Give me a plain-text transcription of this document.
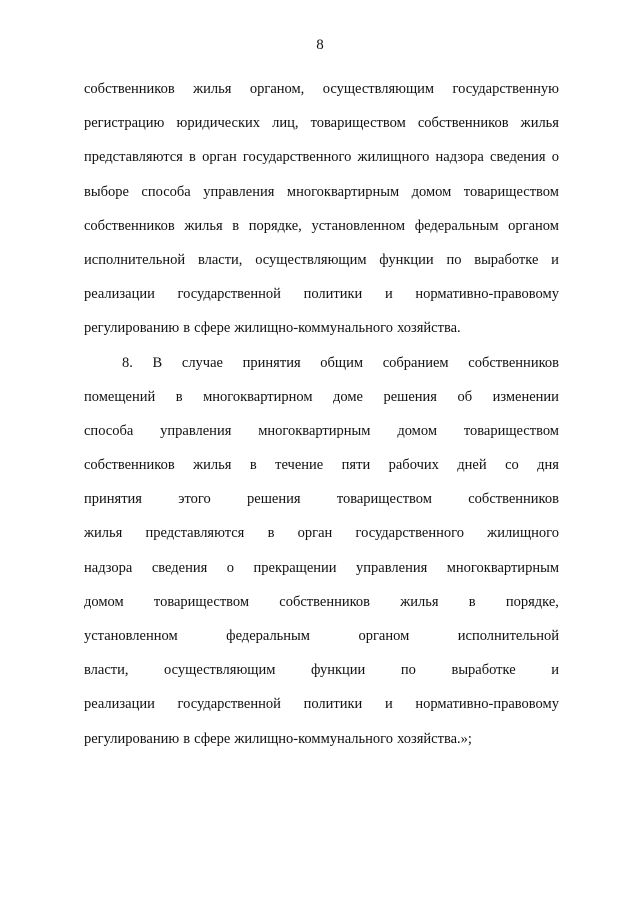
8
собственников жилья органом, осуществляющим государственную
регистрацию юридических лиц, товариществом собственников жилья
представляются в орган государственного жилищного надзора сведения о
выборе способа управления многоквартирным домом товариществом
собственников жилья в порядке, установленном федеральным органом
исполнительной власти, осуществляющим функции по выработке и
реализации государственной политики и нормативно-правовому
регулированию в сфере жилищно-коммунального хозяйства.
8. В случае принятия общим собранием собственников
помещений в многоквартирном доме решения об изменении
способа управления многоквартирным домом товариществом
собственников жилья в течение пяти рабочих дней со дня
принятия	этого	решения	товариществом	собственников
жилья представляются в орган государственного жилищного
надзора сведения о прекращении управления многоквартирным
домом товариществом собственников жилья в порядке,
установленном	федеральным	органом	исполнительной
власти, осуществляющим функции по выработке и
реализации государственной политики и нормативно-правовому
регулированию в сфере жилищно-коммунального хозяйства.»;
